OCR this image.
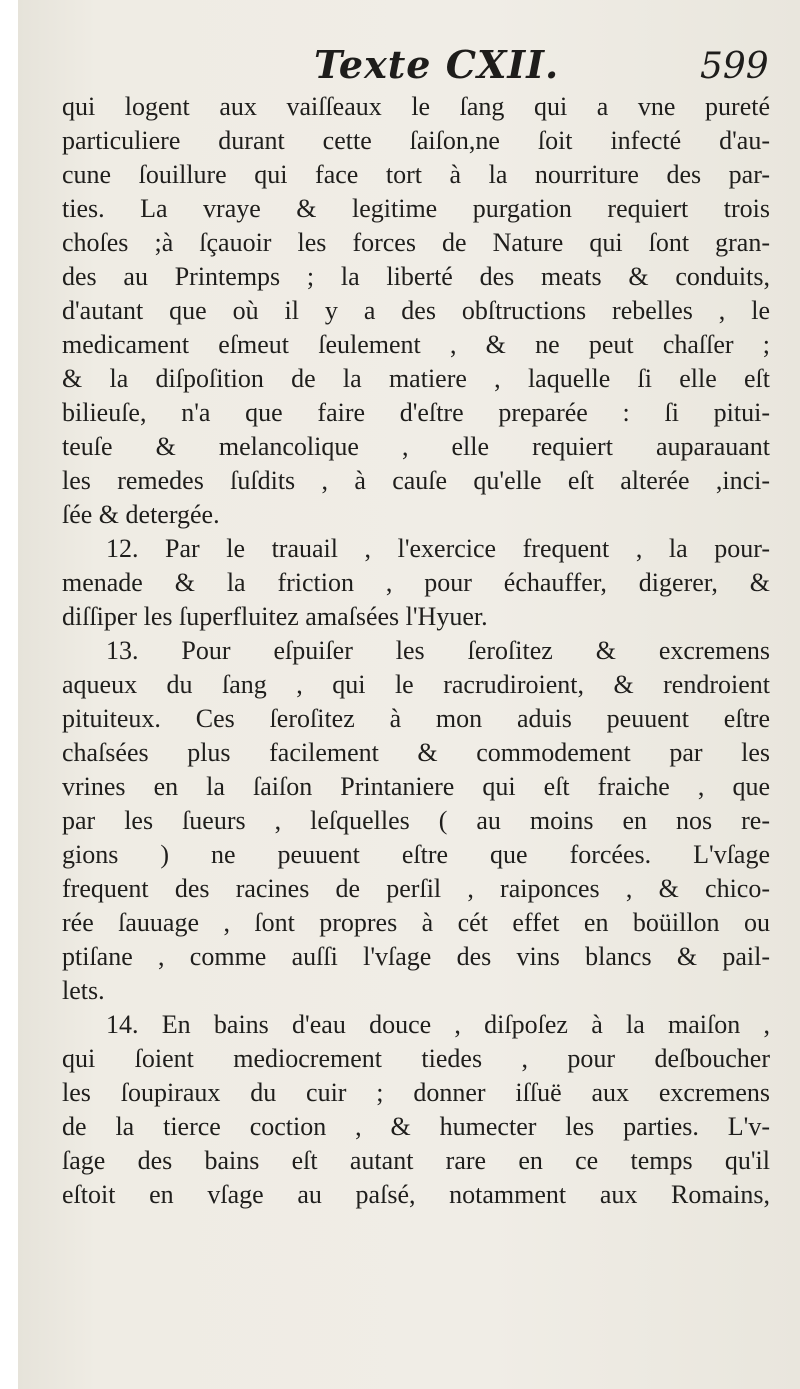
Texte CXII.	599
qui logent aux vaiſſeaux le ſang qui a vne pureté
particuliere durant cette ſaiſon,ne ſoit infecté d'au-
cune ſouillure qui face tort à la nourriture des par-
ties. La vraye & legitime purgation requiert trois
choſes ;à ſçauoir les forces de Nature qui ſont gran-
des au Printemps ; la liberté des meats & conduits,
d'autant que où il y a des obſtructions rebelles , le
medicament eſmeut ſeulement , & ne peut chaſſer ;
& la diſpoſition de la matiere , laquelle ſi elle eſt
bilieuſe, n'a que faire d'eſtre preparée : ſi pitui-
teuſe & melancolique , elle requiert auparauant
les remedes ſuſdits , à cauſe qu'elle eſt alterée ,inci-
ſée & detergée.
12. Par le trauail , l'exercice frequent , la pour-
menade & la friction , pour échauffer, digerer, &
diſſiper les ſuperfluitez amaſsées l'Hyuer.
13. Pour eſpuiſer les ſeroſitez & excremens
aqueux du ſang , qui le racrudiroient, & rendroient
pituiteux. Ces ſeroſitez à mon aduis peuuent eſtre
chaſsées plus facilement & commodement par les
vrines en la ſaiſon Printaniere qui eſt fraiche , que
par les ſueurs , leſquelles ( au moins en nos re-
gions ) ne peuuent eſtre que forcées. L'vſage
frequent des racines de perſil , raiponces , & chico-
rée ſauuage , ſont propres à cét effet en boüillon ou
ptiſane , comme auſſi l'vſage des vins blancs & pail-
lets.
14. En bains d'eau douce , diſpoſez à la maiſon ,
qui ſoient mediocrement tiedes , pour deſboucher
les ſoupiraux du cuir ; donner iſſuë aux excremens
de la tierce coction , & humecter les parties. L'v-
ſage des bains eſt autant rare en ce temps qu'il
eſtoit en vſage au paſsé, notamment aux Romains,
